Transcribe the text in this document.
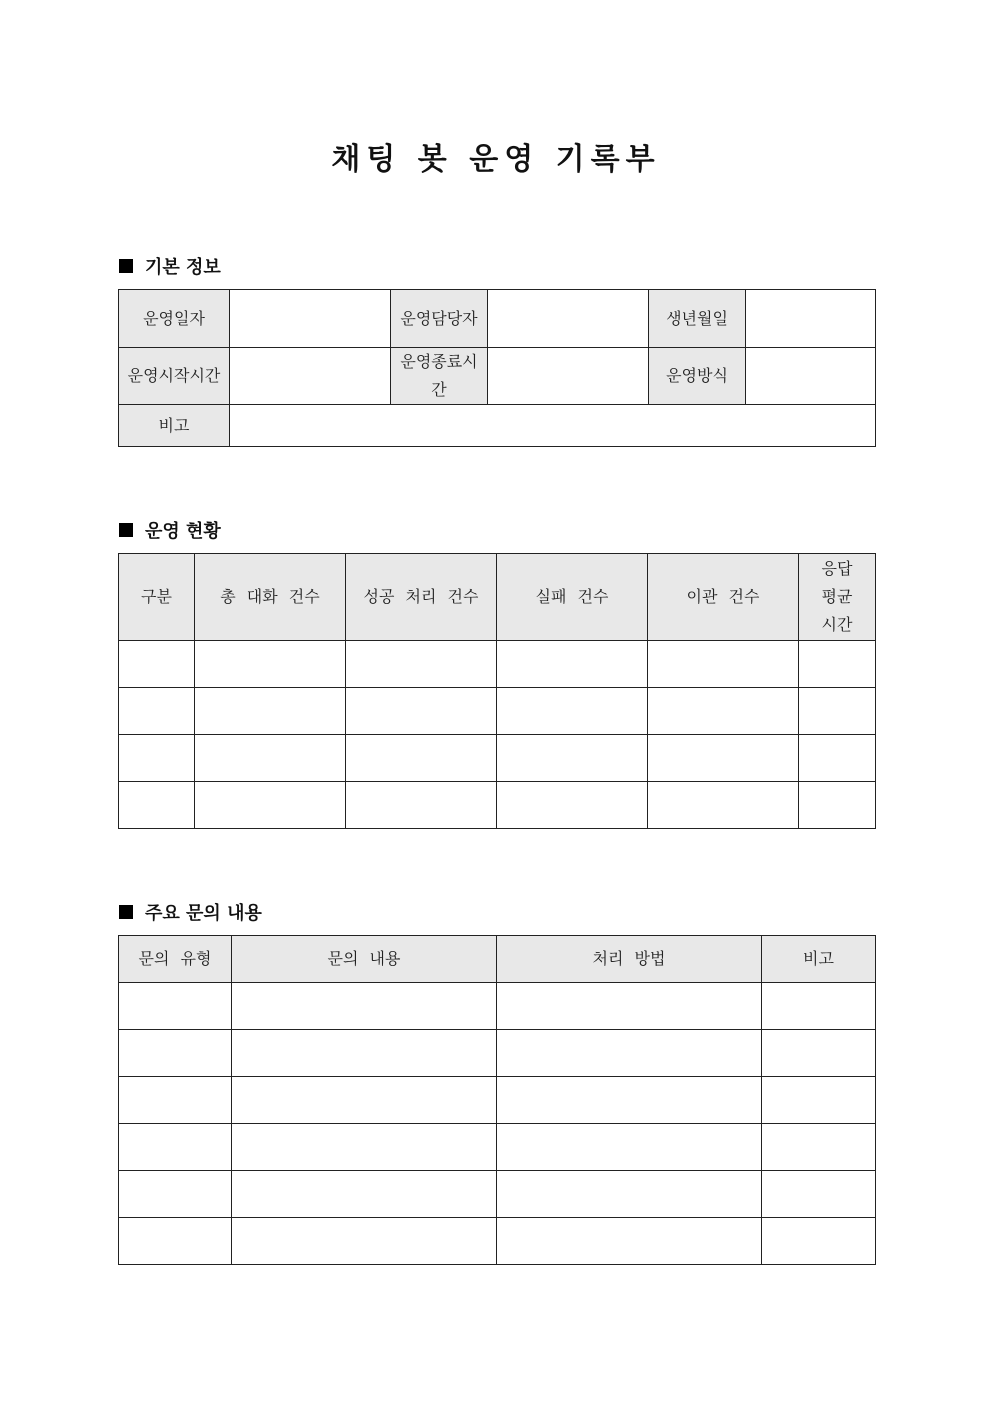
채팅 봇 운영 기록부
기본 정보
운영일자		운영담당자		생년월일	
운영시작시간		운영종료시간		운영방식	
비고					
운영 현황
구분	총 대화 건수	성공 처리 건수	실패 건수	이관 건수	응답평균시간

주요 문의 내용
문의 유형	문의 내용	처리 방법	비고
